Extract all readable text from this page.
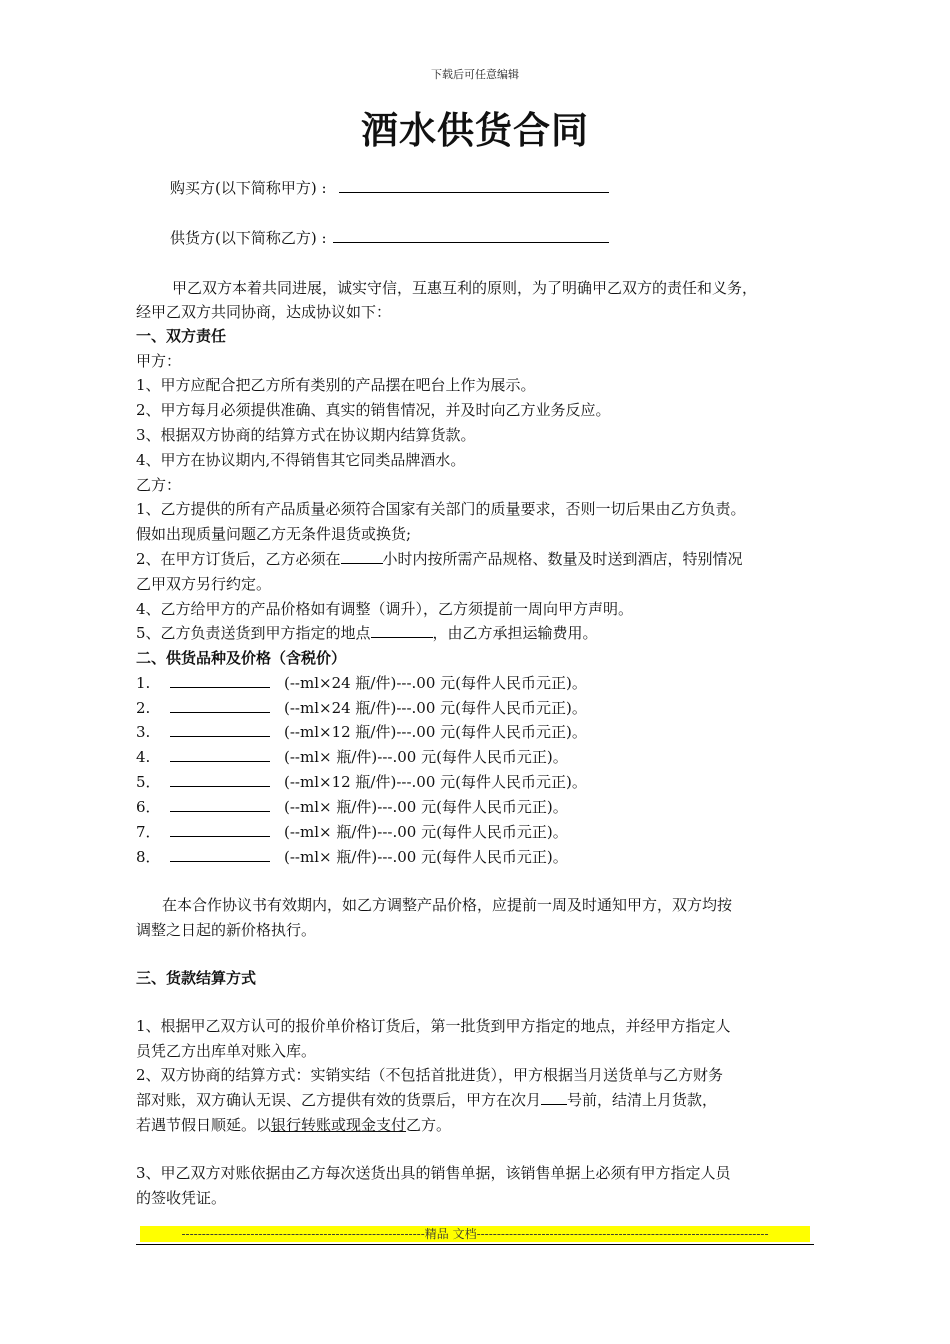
下载后可任意编辑
酒水供货合同
购买方(以下简称甲方) :
供货方(以下简称乙方) :
甲乙双方本着共同进展，诚实守信，互惠互利的原则，为了明确甲乙双方的责任和义务，
经甲乙双方共同协商，达成协议如下：
一、双方责任
甲方：
1、甲方应配合把乙方所有类别的产品摆在吧台上作为展示。
2、甲方每月必须提供准确、真实的销售情况，并及时向乙方业务反应。
3、根据双方协商的结算方式在协议期内结算货款。
4、甲方在协议期内,不得销售其它同类品牌酒水。
乙方：
1、乙方提供的所有产品质量必须符合国家有关部门的质量要求，否则一切后果由乙方负责。
假如出现质量问题乙方无条件退货或换货;
2、在甲方订货后，乙方必须在	小时内按所需产品规格、数量及时送到酒店，特别情况
乙甲双方另行约定。
4、乙方给甲方的产品价格如有调整（调升），乙方须提前一周向甲方声明。
5、乙方负责送货到甲方指定的地点	，由乙方承担运输费用。
二、供货品种及价格（含税价）
1.	(--ml×24 瓶/件)---.00 元(每件人民币元正)。
2.	(--ml×24 瓶/件)---.00 元(每件人民币元正)。
3.	(--ml×12 瓶/件)---.00 元(每件人民币元正)。
4.	(--ml× 瓶/件)---.00 元(每件人民币元正)。
5．	(--ml×12 瓶/件)---.00 元(每件人民币元正)。
6．	(--ml× 瓶/件)---.00 元(每件人民币元正)。
7．	(--ml× 瓶/件)---.00 元(每件人民币元正)。
8．	(--ml× 瓶/件)---.00 元(每件人民币元正)。
在本合作协议书有效期内，如乙方调整产品价格，应提前一周及时通知甲方，双方均按
调整之日起的新价格执行。
三、货款结算方式
1、根据甲乙双方认可的报价单价格订货后，第一批货到甲方指定的地点，并经甲方指定人
员凭乙方出库单对账入库。
2、双方协商的结算方式：实销实结（不包括首批进货），甲方根据当月送货单与乙方财务
部对账，双方确认无误、乙方提供有效的货票后，甲方在次月 号前，结清上月货款，
若遇节假日顺延。以银行转账或现金支付乙方。
3、甲乙双方对账依据由乙方每次送货出具的销售单据，该销售单据上必须有甲方指定人员
的签收凭证。
------------------------------------------------------------精品 文档------------------------------------------------------------------------
